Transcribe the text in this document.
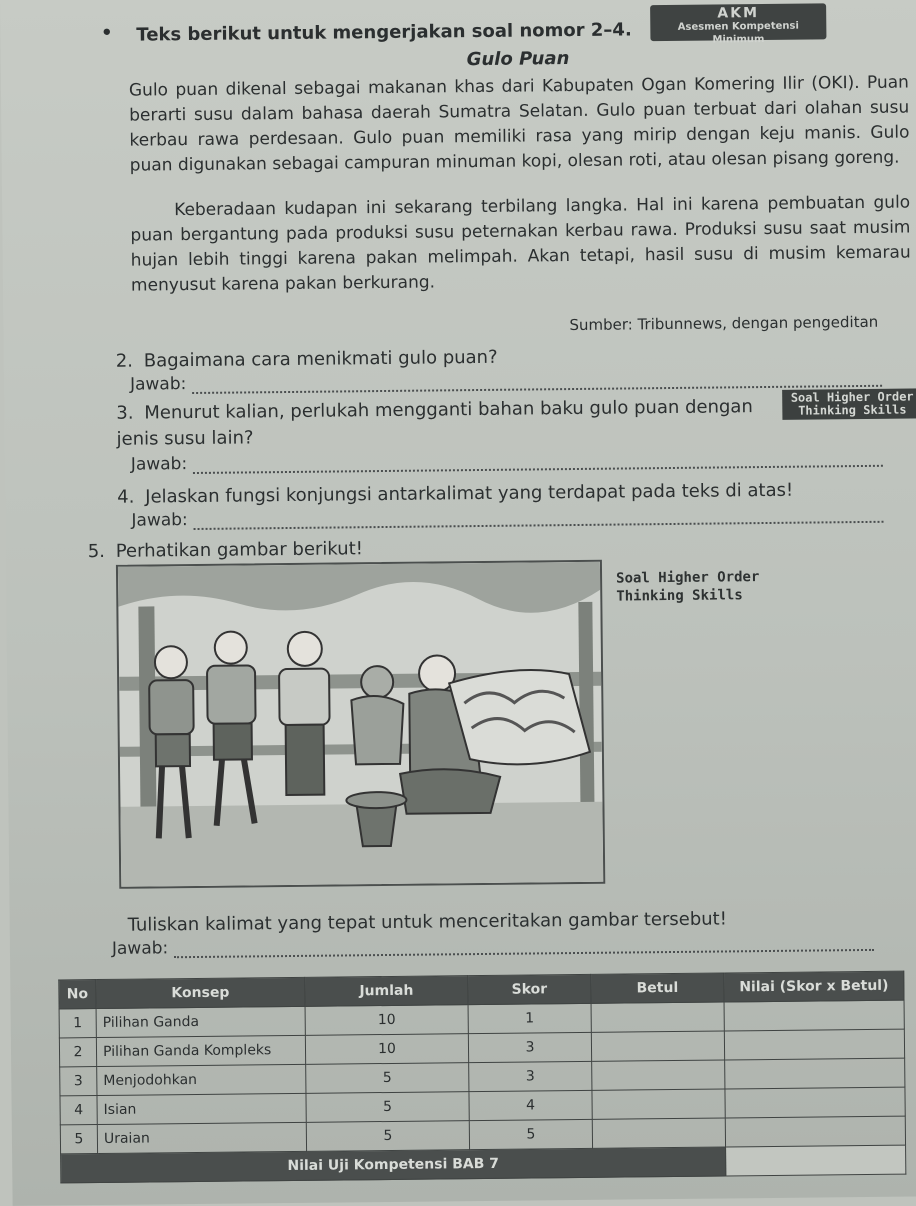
• Teks berikut untuk mengerjakan soal nomor 2–4.
AKM
Asesmen Kompetensi Minimum
Gulo Puan
Gulo puan dikenal sebagai makanan khas dari Kabupaten Ogan Komering Ilir (OKI). Puan berarti susu dalam bahasa daerah Sumatra Selatan. Gulo puan terbuat dari olahan susu kerbau rawa perdesaan. Gulo puan memiliki rasa yang mirip dengan keju manis. Gulo puan digunakan sebagai campuran minuman kopi, olesan roti, atau olesan pisang goreng.
Keberadaan kudapan ini sekarang terbilang langka. Hal ini karena pembuatan gulo puan bergantung pada produksi susu peternakan kerbau rawa. Produksi susu saat musim hujan lebih tinggi karena pakan melimpah. Akan tetapi, hasil susu di musim kemarau menyusut karena pakan berkurang.
Sumber: Tribunnews, dengan pengeditan
2. Bagaimana cara menikmati gulo puan?
Jawab:
3. Menurut kalian, perlukah mengganti bahan baku gulo puan dengan jenis susu lain?
Soal Higher Order
Thinking Skills
Jawab:
4. Jelaskan fungsi konjungsi antarkalimat yang terdapat pada teks di atas!
Jawab:
5. Perhatikan gambar berikut!
Soal Higher Order
Thinking Skills
Tuliskan kalimat yang tepat untuk menceritakan gambar tersebut!
Jawab:
No	Konsep	Jumlah	Skor	Betul	Nilai (Skor x Betul)
1	Pilihan Ganda	10	1		
2	Pilihan Ganda Kompleks	10	3		
3	Menjodohkan	5	3		
4	Isian	5	4		
5	Uraian	5	5		
Nilai Uji Kompetensi BAB 7					
